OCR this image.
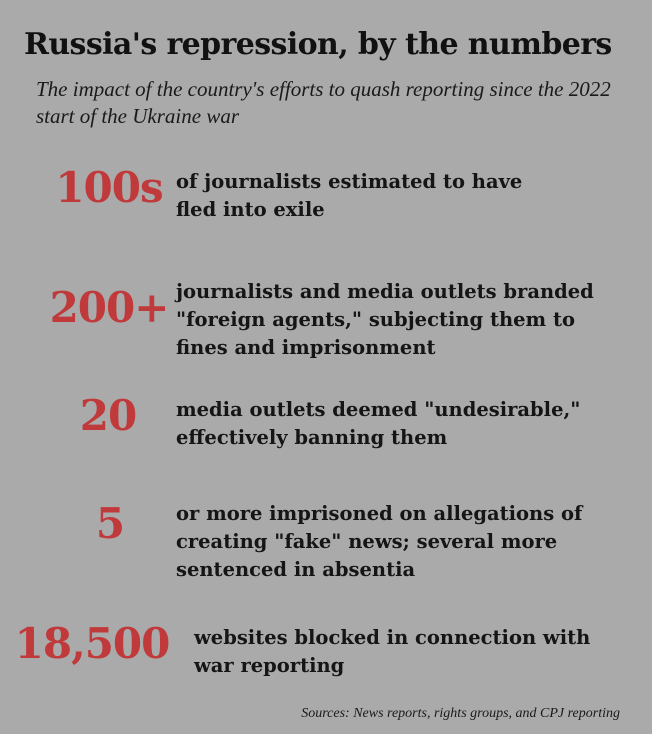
Russia's repression, by the numbers
The impact of the country's efforts to quash reporting since the 2022 start of the Ukraine war
100s of journalists estimated to have fled into exile
200+ journalists and media outlets branded "foreign agents," subjecting them to fines and imprisonment
20	media outlets deemed "undesirable," effectively banning them
5	or more imprisoned on allegations of creating "fake" news; several more sentenced in absentia
18,500 websites blocked in connection with war reporting
Sources: News reports, rights groups, and CPJ reporting
